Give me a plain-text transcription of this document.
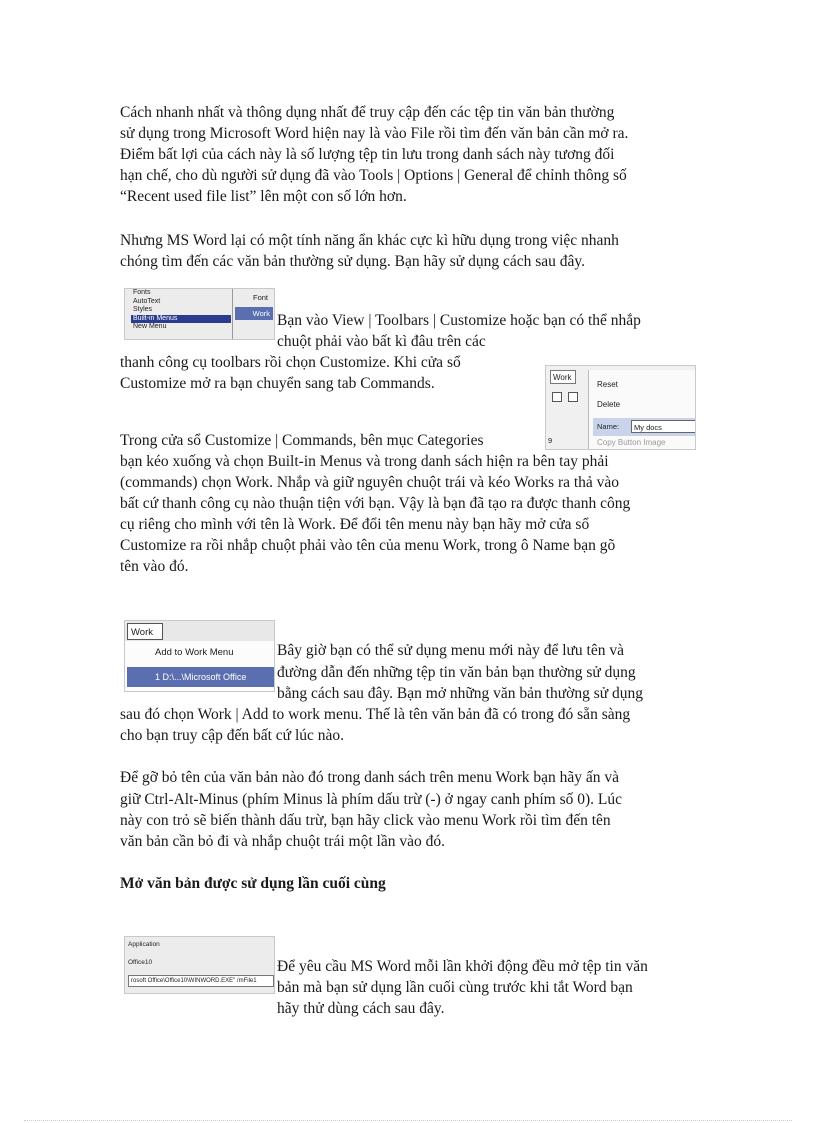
Cách nhanh nhất và thông dụng nhất để truy cập đến các tệp tin văn bản thường
sử dụng trong Microsoft Word hiện nay là vào File rồi tìm đến văn bản cần mở ra.
Điểm bất lợi của cách này là số lượng tệp tin lưu trong danh sách này tương đối
hạn chế, cho dù người sử dụng đã vào Tools | Options | General để chỉnh thông số
“Recent used file list” lên một con số lớn hơn.
Nhưng MS Word lại có một tính năng ẩn khác cực kì hữu dụng trong việc nhanh
chóng tìm đến các văn bản thường sử dụng. Bạn hãy sử dụng cách sau đây.
Fonts
AutoText
Styles
Built-in Menus
New Menu
Font
Work Bạn vào View | Toolbars | Customize hoặc bạn có thể nhắp
chuột phải vào bất kì đâu trên các
thanh công cụ toolbars rồi chọn Customize. Khi cửa sổ
Customize mở ra bạn chuyển sang tab Commands.	Work
9
Reset
Delete
Name:	My docs
Copy Button Image
Trong cửa sổ Customize | Commands, bên mục Categories
bạn kéo xuống và chọn Built-in Menus và trong danh sách hiện ra bên tay phải
(commands) chọn Work. Nhắp và giữ nguyên chuột trái và kéo Works ra thả vào
bất cứ thanh công cụ nào thuận tiện với bạn. Vậy là bạn đã tạo ra được thanh công
cụ riêng cho mình với tên là Work. Để đổi tên menu này bạn hãy mở cửa sổ
Customize ra rồi nhắp chuột phải vào tên của menu Work, trong ô Name bạn gõ
tên vào đó.
Work
Add to Work Menu
1 D:\...\Microsoft Office
Bây giờ bạn có thể sử dụng menu mới này để lưu tên và
đường dẫn đến những tệp tin văn bản bạn thường sử dụng
bằng cách sau đây. Bạn mở những văn bản thường sử dụng
sau đó chọn Work | Add to work menu. Thế là tên văn bản đã có trong đó sẵn sàng
cho bạn truy cập đến bất cứ lúc nào.
Để gỡ bỏ tên của văn bản nào đó trong danh sách trên menu Work bạn hãy ấn và
giữ Ctrl-Alt-Minus (phím Minus là phím dấu trừ (-) ở ngay canh phím số 0). Lúc
này con trỏ sẽ biến thành dấu trừ, bạn hãy click vào menu Work rồi tìm đến tên
văn bản cần bỏ đi và nhắp chuột trái một lần vào đó.
Mở văn bản được sử dụng lần cuối cùng
Application
Office10
rosoft Office\Office10\WINWORD.EXE" /mFile1
Để yêu cầu MS Word mỗi lần khởi động đều mở tệp tin văn
bản mà bạn sử dụng lần cuối cùng trước khi tắt Word bạn
hãy thử dùng cách sau đây.
